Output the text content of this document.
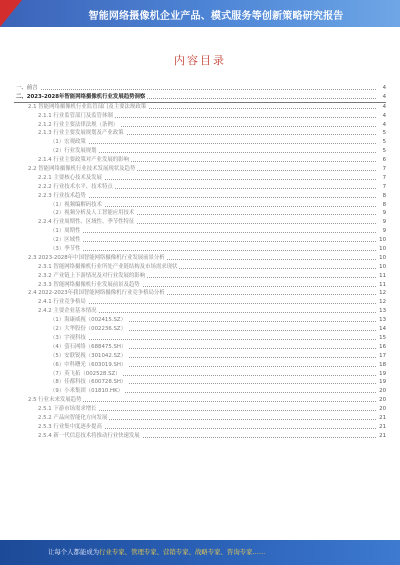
智能网络摄像机企业产品、模式服务等创新策略研究报告
内容目录
一、前言	4
二、2023-2028年智能网络摄像机行业发展趋势洞察	4
2.1 智能网络摄像机行业监管部门及主要法规政策	4
2.1.1 行业监管部门及监管体制	4
2.1.2 行业主要法律法规（条例）	4
2.1.3 行业主要发展规划及产业政策	5
（1）宏观政策	5
（2）行业发展规划	5
2.1.4 行业主要政策对产业发展的影响	6
2.2 智能网络摄像机行业技术发展现状及趋势	7
2.2.1 主要核心技术及发展	7
2.2.2 行业技术水平、技术特点	7
2.2.3 行业技术趋势	8
（1）视频编解码技术	8
（2）视频分析及人工智能应用技术	9
2.2.4 行业周期性、区域性、季节性特征	9
（1）周期性	9
（2）区域性	10
（3）季节性	10
2.3 2023-2028年中国智能网络摄像机行业发展前景分析	10
2.3.1 智能网络摄像机行业所处产业链结构及市场需求现状	10
2.3.2 产业链上下游情况及对行业发展的影响	11
2.3.3 智能网络摄像机行业发展前景及趋势	11
2.4 2022-2023年我国智能网络摄像机行业竞争格局分析	12
2.4.1 行业竞争格局	12
2.4.2 主要企业基本情况	13
（1）海康威视（002415.SZ）	13
（2）大华股份（002236.SZ）	14
（3）宇视科技	15
（4）萤石网络（688475.SH）	16
（5）安联锐视（301042.SZ）	17
（6）中科曙光（603019.SH）	18
（7）英飞拓（002528.SZ）	19
（8）佳都科技（600728.SH）	19
（9）小米集团（01810.HK）	20
2.5 行业未来发展趋势	20
2.5.1 下游市场需求增长	20
2.5.2 产品向智能化方向发展	21
2.5.3 行业集中度逐步提高	21
2.5.4 新一代信息技术将推动行业快速发展	21
让每个人都能成为行业专家、管理专家、营销专家、战略专家、咨询专家……
